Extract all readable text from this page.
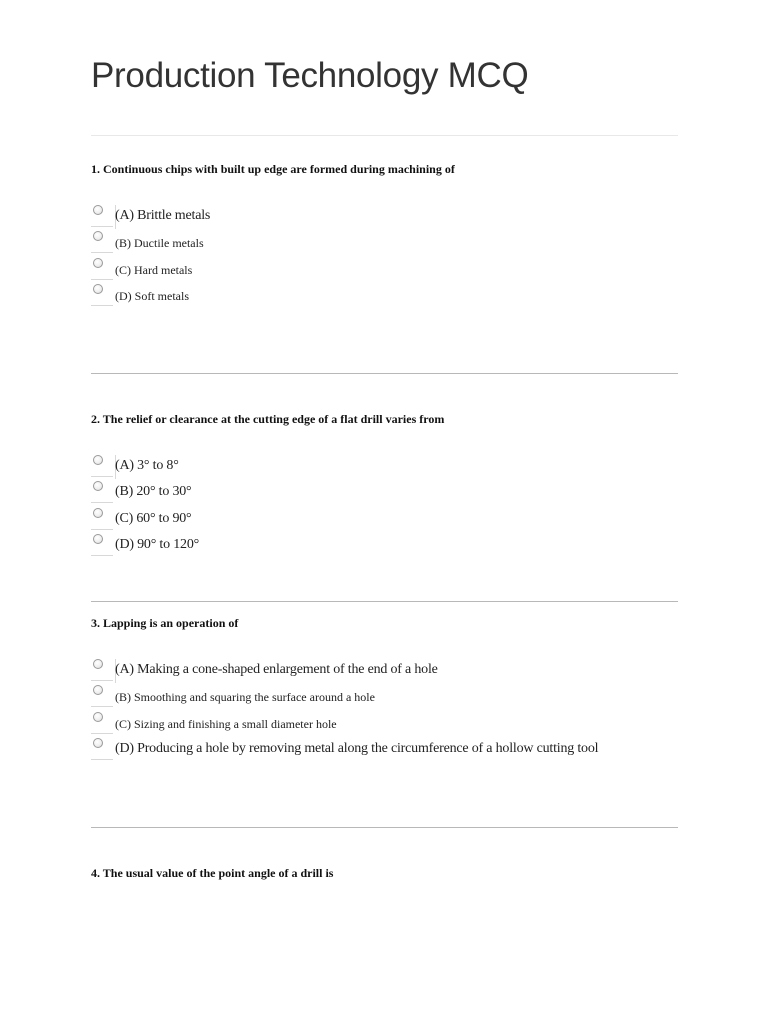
Production Technology MCQ

1. Continuous chips with built up edge are formed during machining of

(A) Brittle metals
(B) Ductile metals
(C) Hard metals
(D) Soft metals

2. The relief or clearance at the cutting edge of a flat drill varies from

(A) 3° to 8°
(B) 20° to 30°
(C) 60° to 90°
(D) 90° to 120°

3. Lapping is an operation of

(A) Making a cone-shaped enlargement of the end of a hole
(B) Smoothing and squaring the surface around a hole
(C) Sizing and finishing a small diameter hole
(D) Producing a hole by removing metal along the circumference of a hollow cutting tool

4. The usual value of the point angle of a drill is
